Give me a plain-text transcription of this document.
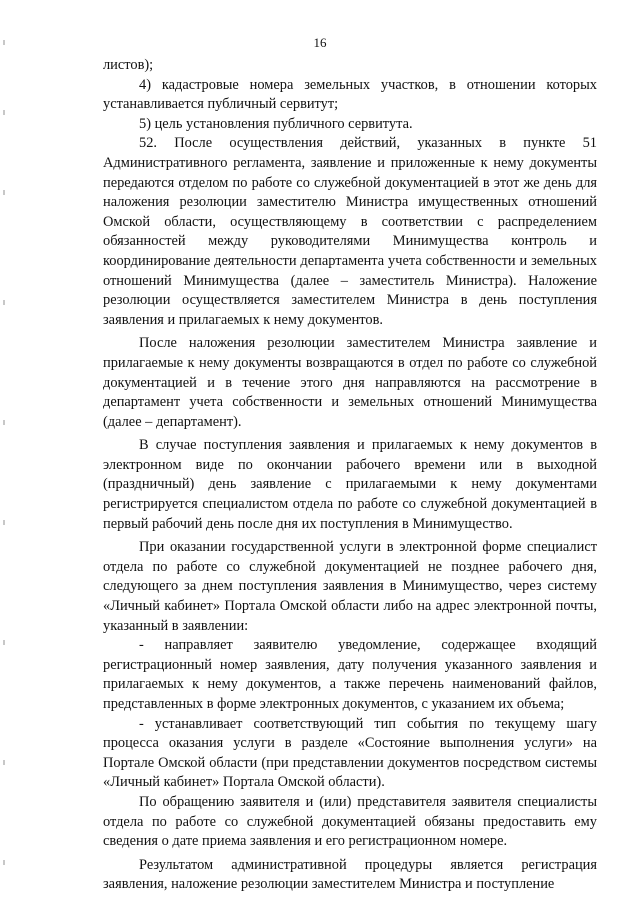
16

листов);

4) кадастровые номера земельных участков, в отношении которых устанавливается публичный сервитут;

5) цель установления публичного сервитута.

52. После осуществления действий, указанных в пункте 51 Административного регламента, заявление и приложенные к нему документы передаются отделом по работе со служебной документацией в этот же день для наложения резолюции заместителю Министра имущественных отношений Омской области, осуществляющему в соответствии с распределением обязанностей между руководителями Минимущества контроль и координирование деятельности департамента учета собственности и земельных отношений Минимущества (далее – заместитель Министра). Наложение резолюции осуществляется заместителем Министра в день поступления заявления и прилагаемых к нему документов.

После наложения резолюции заместителем Министра заявление и прилагаемые к нему документы возвращаются в отдел по работе со служебной документацией и в течение этого дня направляются на рассмотрение в департамент учета собственности и земельных отношений Минимущества (далее – департамент).

В случае поступления заявления и прилагаемых к нему документов в электронном виде по окончании рабочего времени или в выходной (праздничный) день заявление с прилагаемыми к нему документами регистрируется специалистом отдела по работе со служебной документацией в первый рабочий день после дня их поступления в Минимущество.

При оказании государственной услуги в электронной форме специалист отдела по работе со служебной документацией не позднее рабочего дня, следующего за днем поступления заявления в Минимущество, через систему «Личный кабинет» Портала Омской области либо на адрес электронной почты, указанный в заявлении:

- направляет заявителю уведомление, содержащее входящий регистрационный номер заявления, дату получения указанного заявления и прилагаемых к нему документов, а также перечень наименований файлов, представленных в форме электронных документов, с указанием их объема;

- устанавливает соответствующий тип события по текущему шагу процесса оказания услуги в разделе «Состояние выполнения услуги» на Портале Омской области (при представлении документов посредством системы «Личный кабинет» Портала Омской области).

По обращению заявителя и (или) представителя заявителя специалисты отдела по работе со служебной документацией обязаны предоставить ему сведения о дате приема заявления и его регистрационном номере.

Результатом административной процедуры является регистрация заявления, наложение резолюции заместителем Министра и поступление
